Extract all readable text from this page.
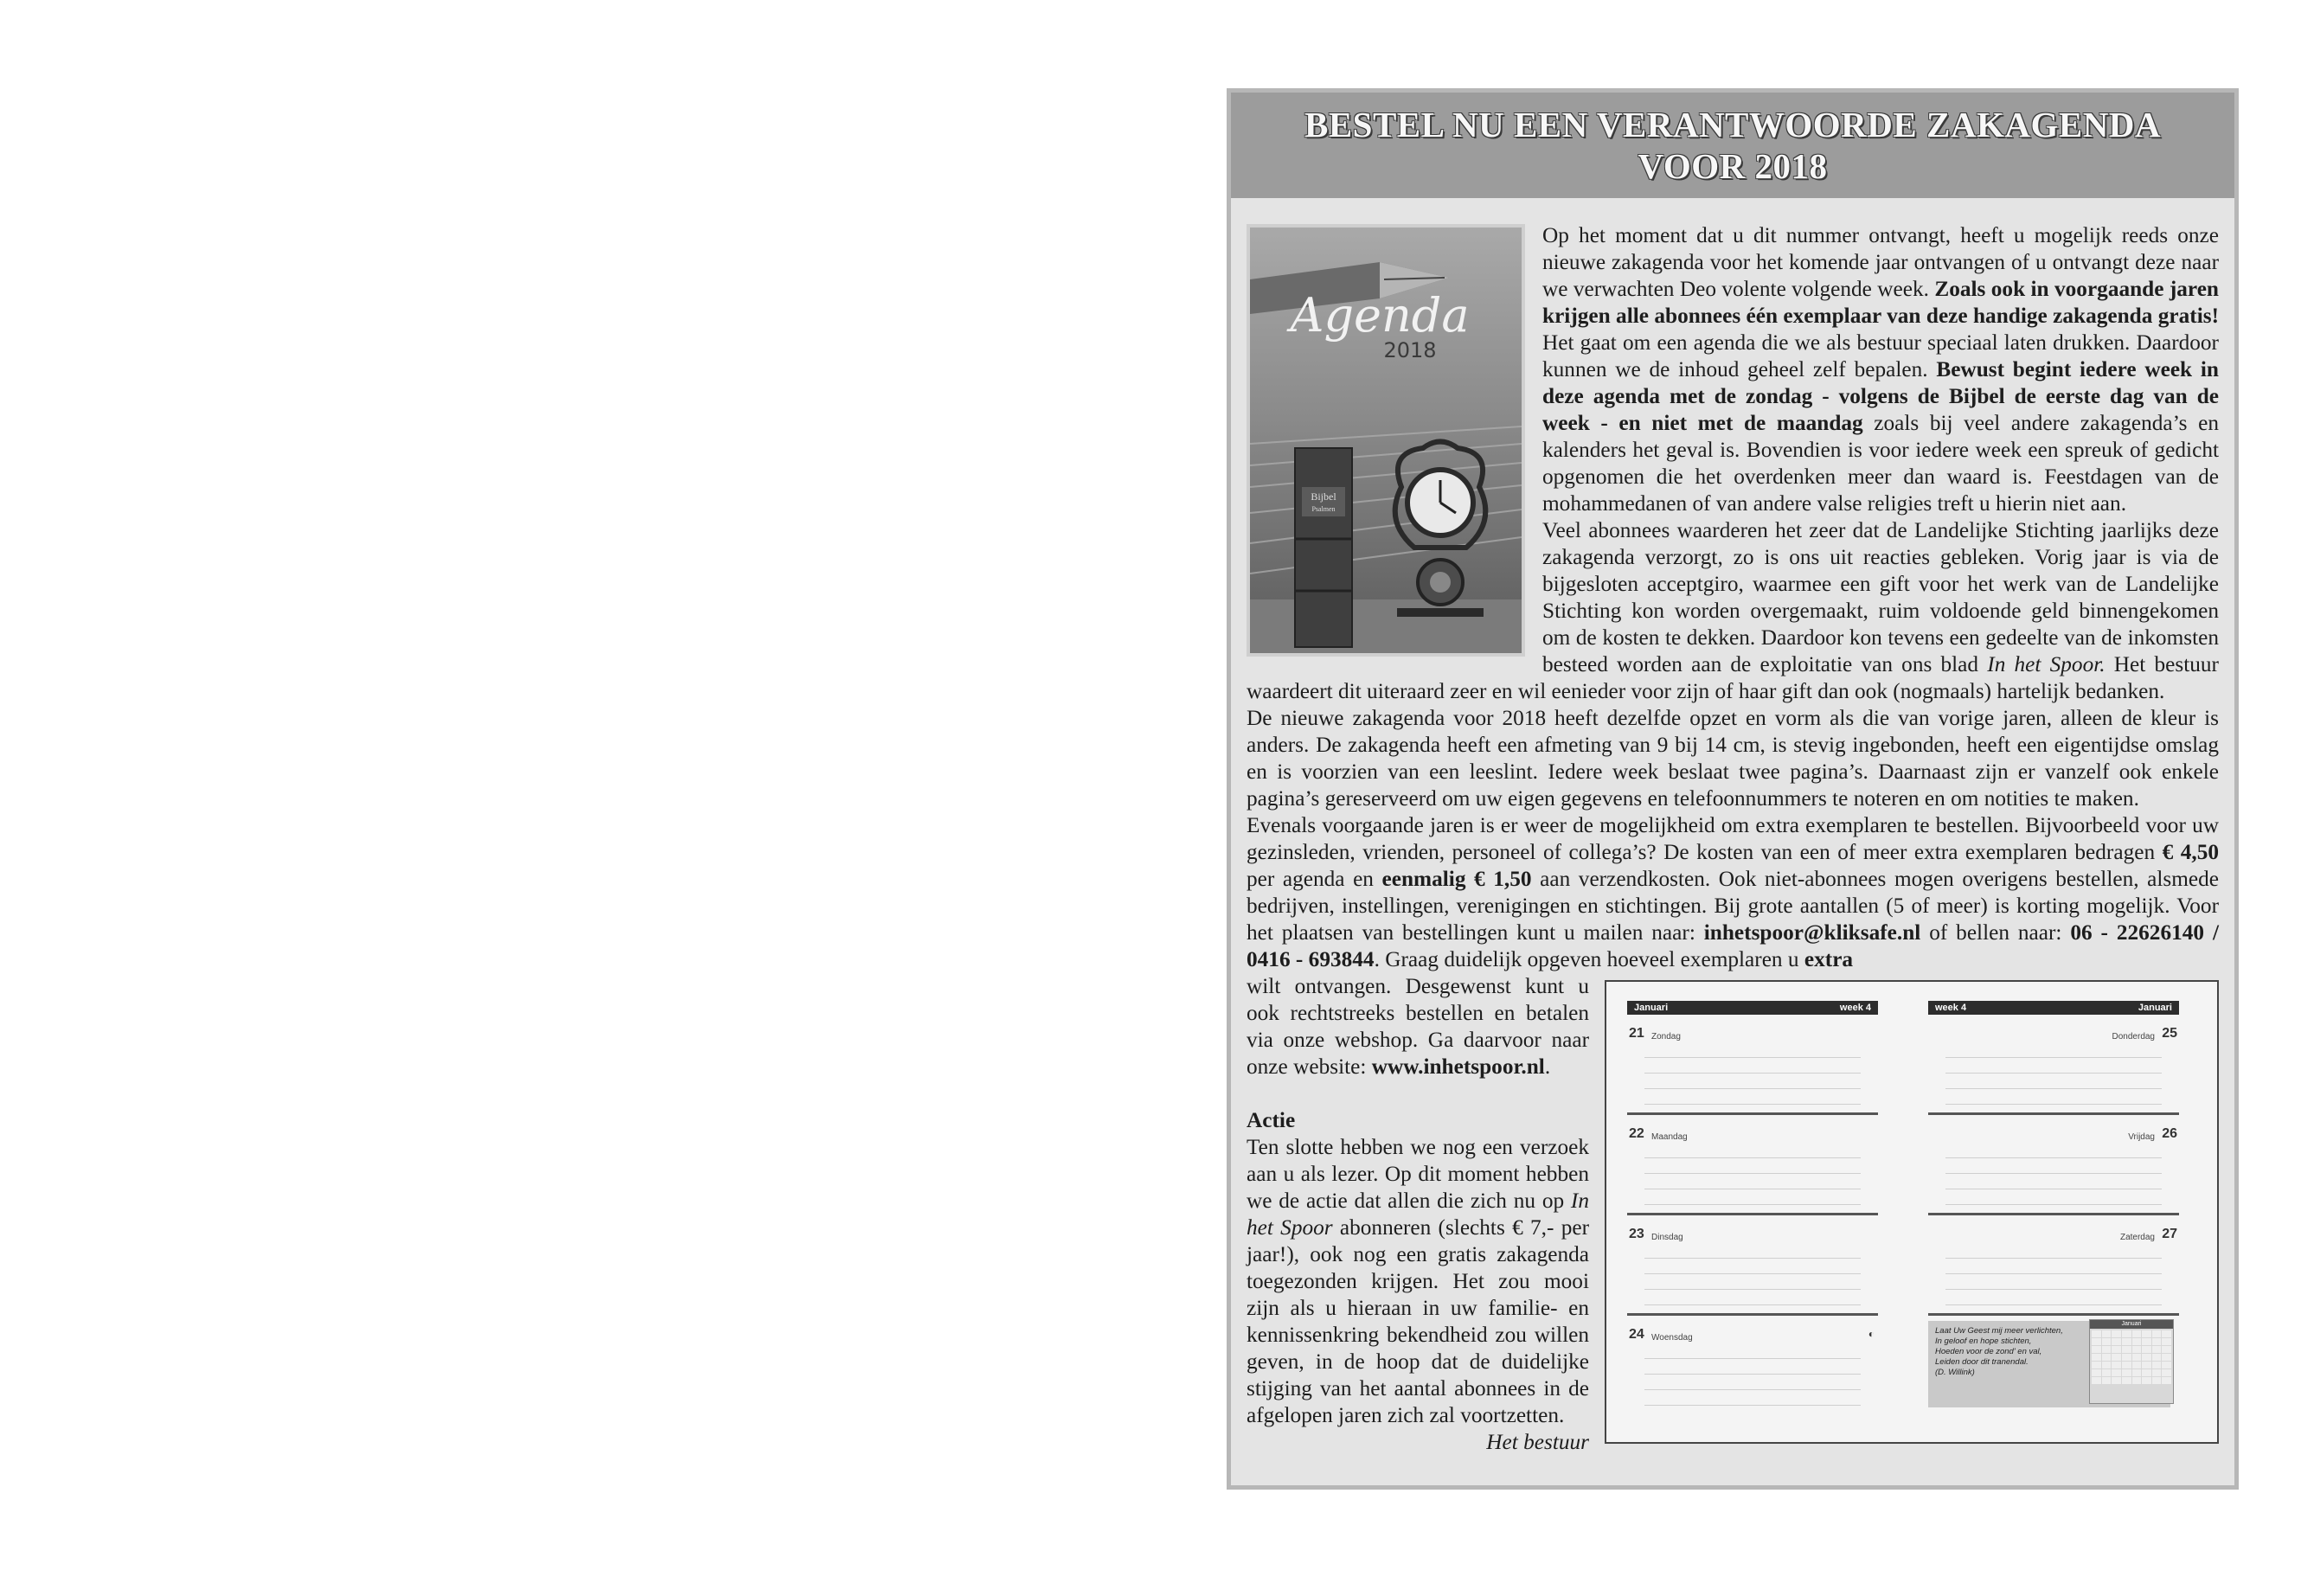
BESTEL NU EEN VERANTWOORDE ZAKAGENDA
VOOR 2018
Bijbel
Psalmen
Agenda
2018

Op het moment dat u dit nummer ontvangt, heeft u mogelijk reeds onze nieuwe zakagenda voor het komende jaar ontvangen of u ontvangt deze naar we verwachten Deo volente volgende week. Zoals ook in voorgaande jaren krijgen alle abonnees één exemplaar van deze handige zakagenda gratis! Het gaat om een agenda die we als bestuur speciaal laten drukken. Daardoor kunnen we de inhoud geheel zelf bepalen. Bewust begint iedere week in deze agenda met de zondag - volgens de Bijbel de eerste dag van de week - en niet met de maandag zoals bij veel andere zakagenda’s en kalenders het geval is. Bovendien is voor iedere week een spreuk of gedicht opgenomen die het overdenken meer dan waard is. Feestdagen van de mohammedanen of van andere valse religies treft u hierin niet aan.

Veel abonnees waarderen het zeer dat de Landelijke Stichting jaarlijks deze zakagenda verzorgt, zo is ons uit reacties gebleken. Vorig jaar is via de bijgesloten acceptgiro, waarmee een gift voor het werk van de Landelijke Stichting kon worden overgemaakt, ruim voldoende geld binnengekomen om de kosten te dekken. Daardoor kon tevens een gedeelte van de inkomsten besteed worden aan de exploitatie van ons blad In het Spoor. Het bestuur waardeert dit uiteraard zeer en wil eenieder voor zijn of haar gift dan ook (nogmaals) hartelijk bedanken.

De nieuwe zakagenda voor 2018 heeft dezelfde opzet en vorm als die van vorige jaren, alleen de kleur is anders. De zakagenda heeft een afmeting van 9 bij 14 cm, is stevig ingebonden, heeft een eigentijdse omslag en is voorzien van een leeslint. Iedere week beslaat twee pagina’s. Daarnaast zijn er vanzelf ook enkele pagina’s gereserveerd om uw eigen gegevens en telefoonnummers te noteren en om notities te maken.

Evenals voorgaande jaren is er weer de mogelijkheid om extra exemplaren te bestellen. Bijvoorbeeld voor uw gezinsleden, vrienden, personeel of collega’s? De kosten van een of meer extra exemplaren bedragen € 4,50 per agenda en eenmalig € 1,50 aan verzendkosten. Ook niet-abonnees mogen overigens bestellen, alsmede bedrijven, instellingen, verenigingen en stichtingen. Bij grote aantallen (5 of meer) is korting mogelijk. Voor het plaatsen van bestellingen kunt u mailen naar: inhetspoor@kliksafe.nl of bellen naar: 06 - 22626140 / 0416 - 693844. Graag duidelijk opgeven hoeveel exemplaren u extra

Januari	week 4
21 Zondag
22 Maandag
23 Dinsdag
24 Woensdag	◐
week 4	Januari
25
Donderdag
26
Vrijdag
27
Zaterdag
Laat Uw Geest mij meer verlichten,
In geloof en hope stichten,
Hoeden voor de zond' en val,
Leiden door dit tranendal.
(D. Willink)
Januari

wilt ontvangen. Desgewenst kunt u ook rechtstreeks bestellen en betalen via onze webshop. Ga daarvoor naar onze website: www.inhetspoor.nl.

Actie

Ten slotte hebben we nog een verzoek aan u als lezer. Op dit moment hebben we de actie dat allen die zich nu op In het Spoor abonneren (slechts € 7,- per jaar!), ook nog een gratis zakagenda toegezonden krijgen. Het zou mooi zijn als u hieraan in uw familie- en kennissenkring bekendheid zou willen geven, in de hoop dat de duidelijke stijging van het aantal abonnees in de afgelopen jaren zich zal voortzetten.

Het bestuur
